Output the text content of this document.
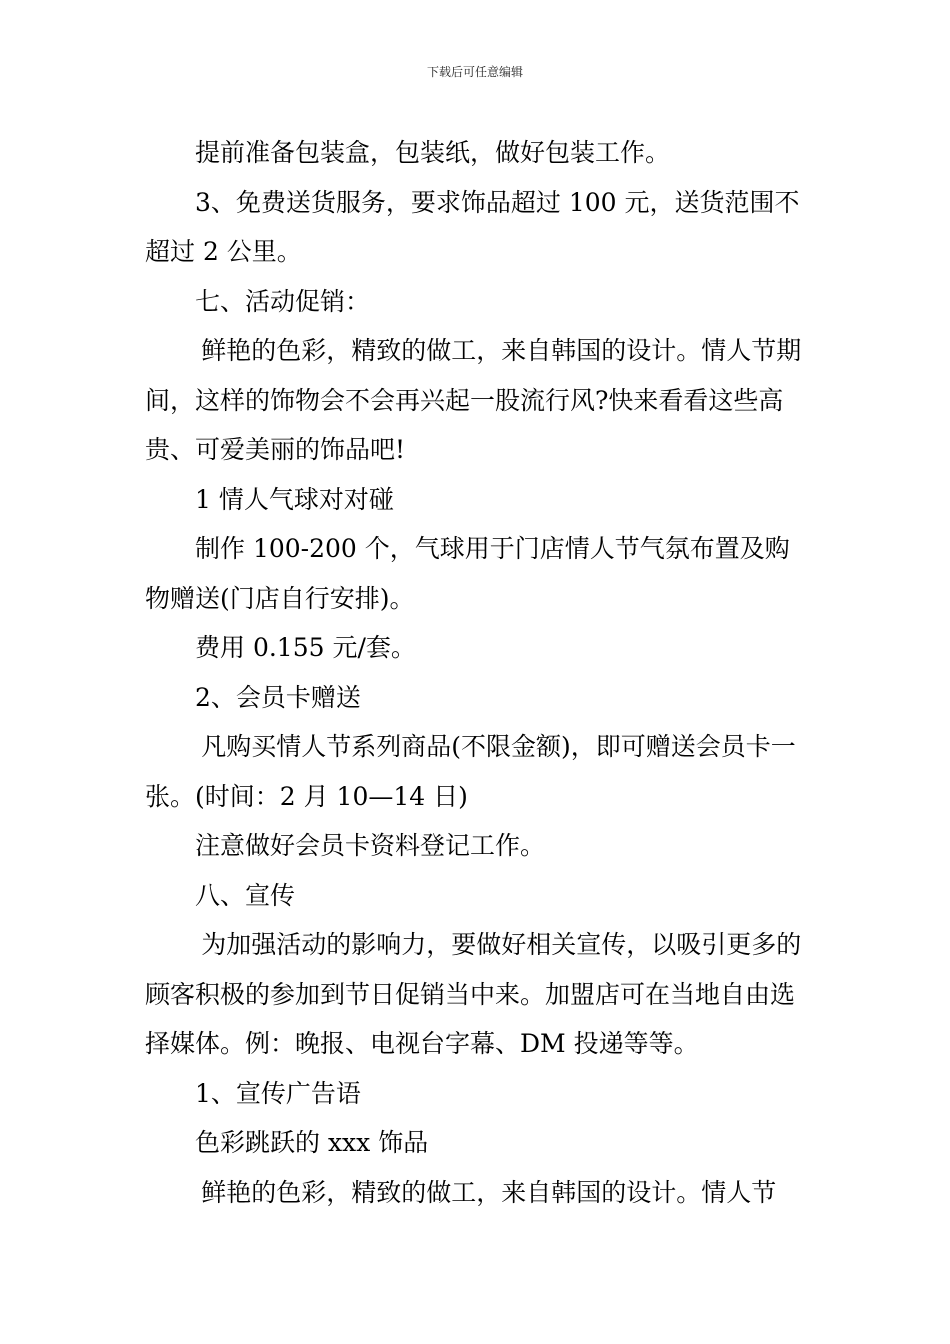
下载后可任意编辑

提前准备包装盒，包装纸，做好包装工作。

3、免费送货服务，要求饰品超过 100 元，送货范围不超过 2 公里。

七、活动促销：

鲜艳的色彩，精致的做工，来自韩国的设计。情人节期间，这样的饰物会不会再兴起一股流行风?快来看看这些高贵、可爱美丽的饰品吧!

1 情人气球对对碰

制作 100-200 个，气球用于门店情人节气氛布置及购物赠送(门店自行安排)。

费用 0.155 元/套。

2、会员卡赠送

凡购买情人节系列商品(不限金额)，即可赠送会员卡一张。(时间：2 月 10—14 日)

注意做好会员卡资料登记工作。

八、宣传

为加强活动的影响力，要做好相关宣传，以吸引更多的顾客积极的参加到节日促销当中来。加盟店可在当地自由选择媒体。例：晚报、电视台字幕、DM 投递等等。

1、宣传广告语

色彩跳跃的 xxx 饰品

鲜艳的色彩，精致的做工，来自韩国的设计。情人节
